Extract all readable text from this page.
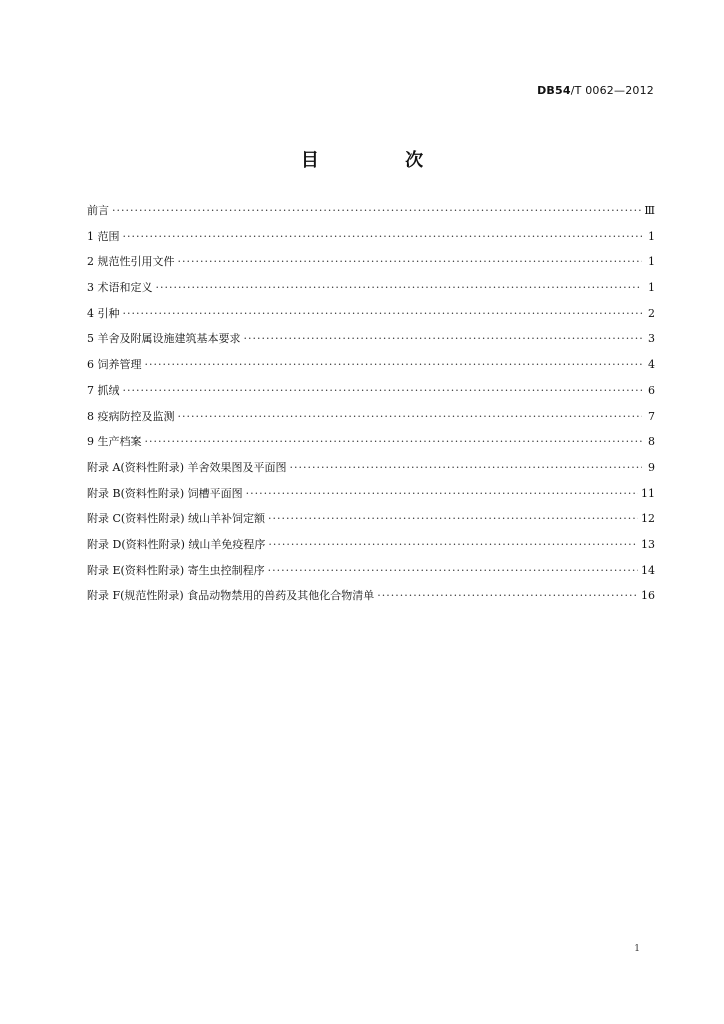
DB54/T 0062—2012
目 次
前言 ·····	Ⅲ
1 范围 ·····	1
2 规范性引用文件 ·····	1
3 术语和定义 ·····	1
4 引种 ·····	2
5 羊舍及附属设施建筑基本要求 ·····	3
6 饲养管理 ·····	4
7 抓绒 ·····	6
8 疫病防控及监测 ·····	7
9 生产档案 ·····	8
附录 A(资料性附录) 羊舍效果图及平面图 ·····	9
附录 B(资料性附录) 饲槽平面图 ·····	11
附录 C(资料性附录) 绒山羊补饲定额 ·····	12
附录 D(资料性附录) 绒山羊免疫程序 ·····	13
附录 E(资料性附录) 寄生虫控制程序 ·····	14
附录 F(规范性附录) 食品动物禁用的兽药及其他化合物清单 ·····	16
1
